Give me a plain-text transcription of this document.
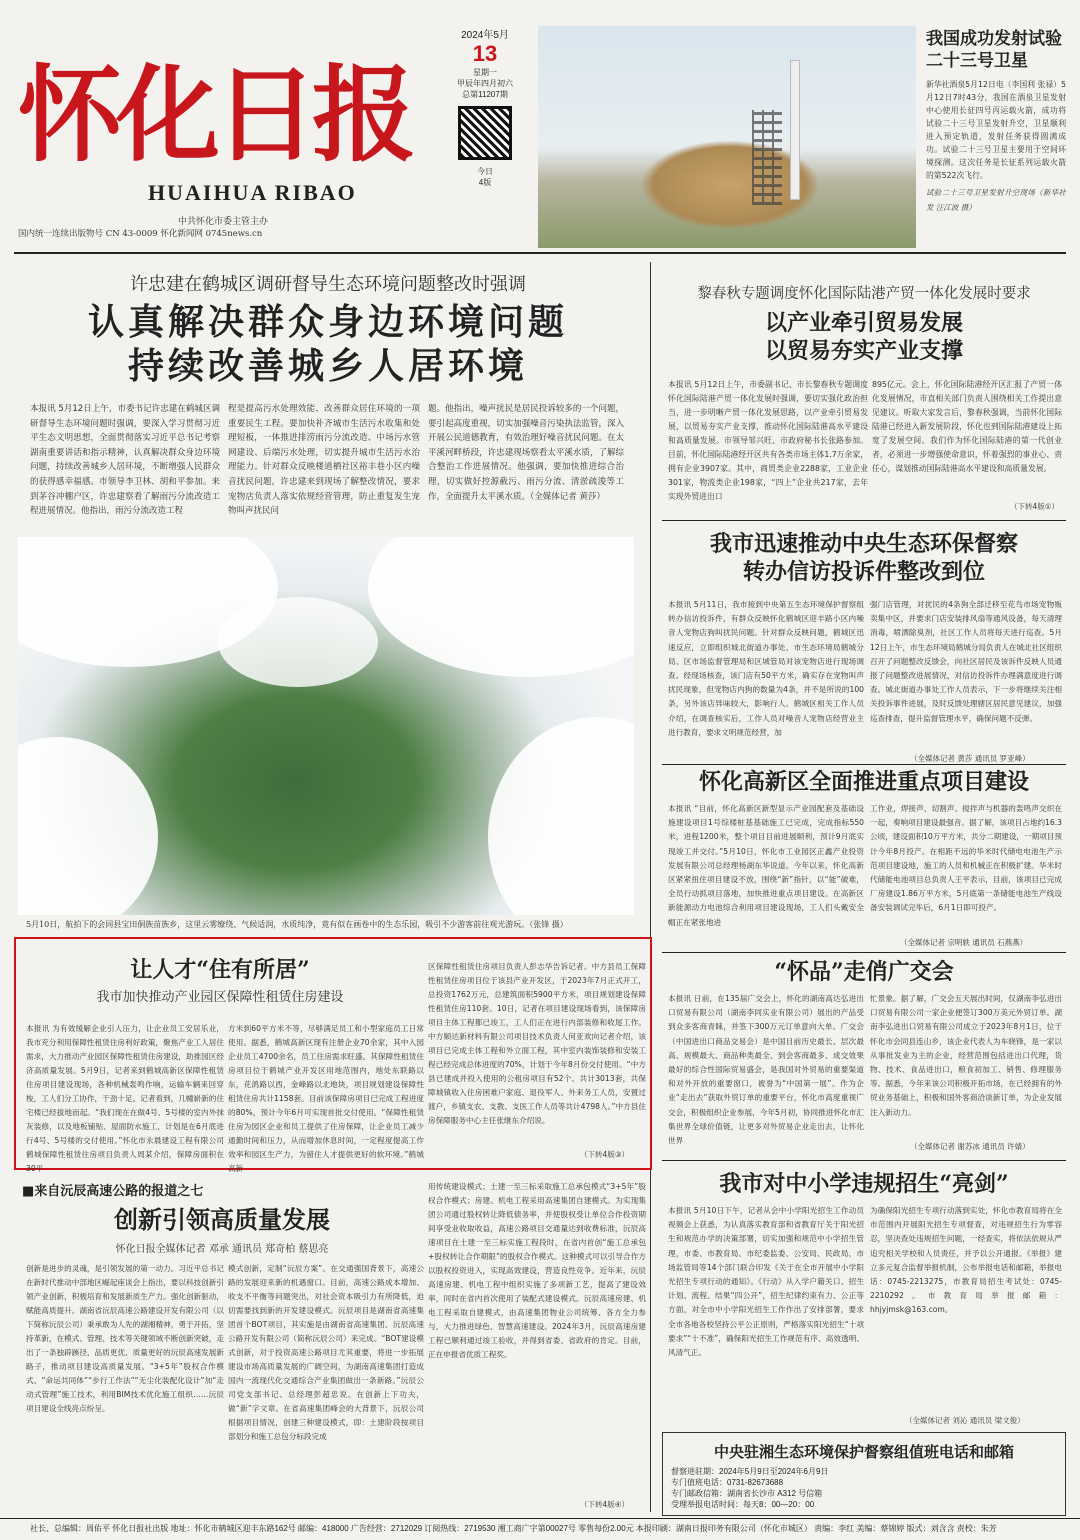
怀化日报
HUAIHUA RIBAO
中共怀化市委主管主办
国内统一连续出版物号 CN 43-0009 怀化新闻网 0745news.cn
2024年5月
13
星期一
甲辰年四月初六
总第11207期
今日
4版
我国成功发射试验二十三号卫星

新华社酒泉5月12日电（李国利 张禄）5月12日7时43分，我国在酒泉卫星发射中心使用长征四号丙运载火箭，成功将试验二十三号卫星发射升空，卫星顺利进入预定轨道，发射任务获得圆满成功。试验二十三号卫星主要用于空间环境探测。这次任务是长征系列运载火箭的第522次飞行。

试验二十三号卫星发射升空现场（新华社发 汪江波 摄）

许忠建在鹤城区调研督导生态环境问题整改时强调
认真解决群众身边环境问题
持续改善城乡人居环境
本报讯 5月12日上午，市委书记许忠建在鹤城区调研督导生态环境问题时强调，要深入学习贯彻习近平生态文明思想，全面贯彻落实习近平总书记考察湖南重要讲话和指示精神，认真解决群众身边环境问题，持续改善城乡人居环境，不断增强人民群众的获得感幸福感。市领导李卫林、胡和平参加。来到茅谷冲棚户区，许忠建察看了解雨污分流改造工程进展情况。他指出，雨污分流改造工程
程是提高污水处理效能、改善群众居住环境的一项重要民生工程。要加快补齐城市生活污水收集和处理短板，一体推进排涝雨污分流改造、中场污水管网建设、后端污水处理，切实提升城市生活污水治理能力。针对群众反映楼道栖社区裕丰巷小区内噪音扰民问题，许忠建来到现场了解整改情况，要求宠物店负责人落实依规经营管理，防止重复发生宠物叫声扰民问
题。他指出，噪声扰民是居民投诉较多的一个问题，要引起高度重视，切实加强噪音污染执法监管，深入开展公民道德教育，有效治理好噪音扰民问题。在太平溪河畔桥段，许忠建现场察看太平溪水质，了解综合整治工作进展情况。他强调，要加快推进综合治理，切实做好控源截污、雨污分流、清淤疏浚等工作，全面提升太平溪水质。（全媒体记者 黄莎）
黎春秋专题调度怀化国际陆港产贸一体化发展时要求
以产业牵引贸易发展
以贸易夯实产业支撑
本报讯 5月12日上午，市委副书记、市长黎春秋专题调度怀化国际陆港产贸一体化发展时强调，要切实强化政治担当，进一步明晰产贸一体化发展思路，以产业牵引贸易发展，以贸易夯实产业支撑，推动怀化国际陆港高水平建设和高质量发展。市领导邹兴旺、市政府秘书长张路参加。目前，怀化国际陆港经开区共有各类市场主体1.7万余家，拥有企业3907家。其中，商贸类企业2288家，工业企业301家，物流类企业198家，“四上”企业共217家，去年实现外贸进出口
895亿元。会上，怀化国际陆港经开区汇报了产贸一体化发展情况，市直相关部门负责人围绕相关工作提出意见建议。听取大家发言后，黎春秋强调，当前怀化国际陆港已经进入新发展阶段，怀化也到国际陆港建设上拓宽了发展空间。我们作为怀化国际陆港的第一代创业者，必须进一步增强使命意识，怀着强烈的事业心、责任心，谋划推动国际陆港高水平建设和高质量发展。
（下转4版①）
我市迅速推动中央生态环保督察
转办信访投诉件整改到位
本报讯 5月11日，我市接到中央第五生态环境保护督察组转办信访投诉件，有群众反映怀化鹤城区迎丰路小区内噪音人宠物店狗叫扰民问题。针对群众反映问题，鹤城区迅速反应，立即组织城北街道办事处、市生态环境局鹤城分局、区市场监督管理局和区城管局对该宠物店进行现场调查。经现场核查，该门店有50平方米，确实存在宠物叫声扰民现象，但宠物店内狗的数量为4条，并不是所说的100条，另外该店异味较大，影响行人。鹤城区相关工作人员介绍，在调查核实后，工作人员对噪音人宠物店经营业主进行教育，要求文明规范经营，加
强门店管理，对扰民的4条狗全部迁移至花鸟市场宠物贩卖集中区，并要求门店安装排风扇等通风设备，每天清理消毒，喷洒除臭剂，社区工作人员将每天进行巡查。5月12日上午，市生态环境局鹤城分局负责人在城北社区组织召开了问题整改反馈会，向社区居民及该诉件反映人员通报了问题整改进展情况，对信访投诉件办理满意度进行调查。城北街道办事处工作人员表示，下一步将继续关注相关投诉事件进展，及时反馈处理辖区居民意见建议，加强巡查排查，提升监督管理水平，确保问题不反弹。
（全媒体记者 黄莎 通讯员 罗亚峰）
怀化高新区全面推进重点项目建设
本报讯 “目前，怀化高新区新型显示产业园配套及基础设施建设项目1号综楼桩基基础施工已完成，完成指标550米，进程1200米，整个项目目前进展顺利，预计9月底实现竣工并交付。”5月10日，怀化市工业园区正鑫产业投资发展有限公司总经理杨湖东华说道。今年以来，怀化高新区紧紧扭住项目建设不放，围绕“新”指针，以“能”破难，全员行动抓项目落地，加快推进重点项目建设。在高新区新能源动力电池综合利用项目建设现场，工人们头戴安全帽正在紧张地进
工作业，焊接声、切割声、搅拌声与机器的轰鸣声交织在一起，奏响项目建设最强音。据了解，该项目占地约16.3公顷，建设面积10万平方米，共分二期建设，一期项目预计今年8月投产。在相距不远的华米时代储电电池生产示范项目建设地，施工的人员和机械正在积极扩建。华米时代储能电池项目总负责人王平表示，目前，该项目已完成厂房建设1.86万平方米，5月底第一条储能电池生产线设备安装调试完毕后，6月1日即可投产。
（全媒体记者 宗明轶 通讯员 石燕燕）
5月10日，航拍下的会同县宝田侗族苗族乡，这里云雾缭绕、气候适润，水质纯净，竟有似在画卷中的生态乐园，吸引不少游客前往观光游玩。（张锋 摄）
让人才“住有所居”
我市加快推动产业园区保障性租赁住房建设
本报讯 为有效缓解企业引人压力，让企业员工安居乐业，我市充分利用保障性租赁住房利好政策，聚焦产业工人居住需求，大力推动产业园区保障性租赁住房建设，助推园区经济高质量发展。5月9日，记者来到鹤城高新区保障性租赁住房项目建设现场，各种机械轰鸣作响，运输车辆来回穿梭，工人们分工协作，干劲十足。记者看到，几幢崭新的住宅楼已经拔地而起。“我们现在在做4号、5号楼的室内外抹灰装修，以及地板铺贴、屋面防水施工，计划是在6月底进行4号、5号楼的交付使用。”怀化市永晨建设工程有限公司鹤城保障性租赁住房项目负责人周某介绍，保障房面积在30平
方米到60平方米不等，尽够满足员工和小型家庭员工日常使用。据悉，鹤城高新区现有注册企业70余家，其中入园企业员工4700余名，员工住房需求旺盛。其保障性租赁住房项目位于鹤城产业开发区用地范围内，地处东联路以东，花鸽路以西，金峰路以北地块，项目规划建设保障性租赁住房共计1158套。目前该保障房项目已完成工程进度的80%，预计今年6月可实现首批交付使用。“保障性租赁住房为园区企业和员工提供了住房保障，让企业员工减少通勤时间和压力，从而增加休息时间，一定程度提高工作效率和园区生产力，为留住人才提供更好的软环境。”鹤城高新
区保障性租赁住房项目负责人彭志华告诉记者。中方县员工保障性租赁住房项目位于该县产业开发区，于2023年7月正式开工，总投资1762万元，总建筑面积5900平方米，项目规划建设保障性租赁住房110套。10日，记者在项目建设现场看到，该保障房项目主体工程都已竣工，工人们正在进行内部装修和收尾工作。中方顺达新材料有限公司项目技术负责人何亚欢向记者介绍，该项目已完成主体工程和外立面工程，其中室内装饰装修和安装工程已经完成总体进度的70%，计划于今年8月份交付使用。“中方县已建成并投入使用的公租房项目有52个、共计3013套，共保障城镇收入住房困难户家庭、退役军人、外来务工人员，安置过渡户，乡镇支农、支教、支医工作人员等共计4798人。”中方县住房保障服务中心主任张继东介绍说。
（下转4版③）
“怀品”走俏广交会
本报讯 日前，在135届广交会上，怀化的湖南高达弘进出口贸易有限公司（湖南李同实业有限公司）展出的产品受到众多客商青睐，并签下300万元订单意向大单。广交会（中国进出口商品交易会）是中国目前历史最长、层次最高、规模最大、商品种类最全、到会客商最多、成交效果最好的综合性国际贸易盛会，是我国对外贸易的重要渠道和对外开放的重要窗口，被誉为“中国第一展”。作为企业“走出去”获取外贸订单的重要平台，怀化市高度重视广交会，积极组织企业参展，今年5月初，协同推进怀化市汇集世界全球价值链，让更多对外贸易企业走出去，让怀化世界
忙景象。据了解，广交会五天展出时间，仅湖南李弘进出口贸易有限公司一家企业便签订300万美元外贸订单。湖南李弘进出口贸易有限公司成立于2023年8月1日，位于怀化市会同县连山乡，该企业代表人为车晓锋，是一家以从事批发业为主的企业，经营范围包括进出口代理，货物、技术、食品进出口，粮食初加工、销售、修理服务等。据悉，今年来该公司积极开拓市场，在已经拥有的外贸业务基础上，积极和国外客商洽谈新订单，为企业发展注入新动力。
（全媒体记者 谢苏冰 通讯员 许婧）
我市对中小学违规招生“亮剑”
本报讯 5月10日下午，记者从会中小学阳光招生工作动员视频会上获悉，为认真落实教育部和省教育厅关于阳光招生和规范办学的决策部署，切实加强和规范中小学招生管理，市委、市教育局、市纪委监委、公安局、民政局、市场监管局等14个部门联合印发《关于在全市开展中小学阳光招生专项行动的通知》。《行动》从入学户籍关口、招生计划、流程、结果“四公开”，招生纪律约束有力、公正等方面，对全市中小学阳光招生工作作出了安排部署，要求全市各地各校坚持公平公正原则，严格落实阳光招生“十项要求”“十不准”，确保阳光招生工作规范有序、高效透明、风清气正。
为确保阳光招生专项行动落到实处，怀化市教育局将在全市范围内开展阳光招生专项督查，对违规招生行为零容忍，坚决查处违规招生问题，一经查实，将依法依规从严追究相关学校和人员责任，并予以公开通报。《举报》建立多元复合监督举报机制，公布举报电话和邮箱，举报电话：0745-2213275，市教育局招生考试处：0745-2210292。市教育局举报邮箱：hhjyjmsk@163.com。
（全媒体记者 刘沁 通讯员 梁文俊）
中央驻湘生态环境保护督察组值班电话和邮箱

督察进驻期：2024年5月9日至2024年6月9日

专门值班电话：0731-82673688

专门邮政信箱：湖南省长沙市 A312 号信箱

受理举报电话时间：每天8：00—20：00

■来自沅辰高速公路的报道之七
创新引领高质量发展
怀化日报全媒体记者 邓承 通讯员 郑奇柏 蔡思亮
创新是进步的灵魂，是引领发展的第一动力。习近平总书记在新时代推动中部地区崛起座谈会上指出，要以科技创新引领产业创新，积极培育和发展新质生产力。强化创新驱动，赋能高质提升。湖南省沅辰高速公路建设开发有限公司（以下简称沅辰公司）秉承敢为人先的湖湘精神，勇于开拓，坚持革新，在模式、管理、技术等关键领域不断创新突破，走出了一条独辟蹊径、品质更优、质量更好的沅辰高速发展新路子，推动项目建设高质量发展。“3+5年”股权合作模式、“命运共同体”“步行工作法”“无尘化装配化设计”加“走动式管理”施工技术，利用BIM技术优化施工组织……沅辰项目建设全线亮点纷呈。
模式创新，定制“沅辰方案”。在交通强国背景下，高速公路的发展迎来新的机遇窗口。目前，高速公路成本增加、收支不平衡等问题突出，对社会资本吸引力有所降低，迫切需要找到新的开发建设模式。沅辰项目是湖南省高速集团首个BOT项目，其实施是由湖南省高速集团、沅辰高速公路开发有限公司（简称沅辰公司）来完成。“BOT建设模式创新，对于投资高速公路项目尤其重要，将进一步拓展建设市场高质量发展的广阔空间，为湖南高速集团打造成国内一流现代化交通综合产业集团做出一条新路。”沅辰公司党支部书记、总经理彭超忠说。在创新上下功夫，做“新”字文章。在省高速集团峰会的大背景下，沅辰公司根据项目情况，创建三种建设模式，即：土建阶段按项目部划分和施工总包分标段完成
用传统建设模式；土建一至三标采取施工总承包模式“3+5年”股权合作模式；房建、机电工程采用高速集团自建模式。为实现集团公司通过股权转让降低债务率，并使股权受让单位合作投资期间享受业收取收益，高速公路项目交通量达到收费标准，沅辰高速项目在土建一至三标实施工程段时，在省内首创“施工总承包+股权转让合作期限”的股权合作模式。这种模式可以引导合作方以股权投资进入，实现高效建设，营造良性竞争。近年来，沅辰高速房建、机电工程中组织实施了多项新工艺，提高了建设效率，同时在省内首次使用了装配式建设模式。沅辰高速房建、机电工程采取自建模式，由高速集团物业公司统筹、各方全力参与，大力推进绿色、智慧高速建设。2024年3月，沅辰高速房建工程已顺利通过竣工验收，并得到省委、省政府的肯定。目前，正在申报省优质工程奖。
（下转4版④）
社长、总编辑：周佑平 怀化日报社出版 地址：怀化市鹤城区迎丰东路162号 邮编：418000 广告经营：2712029 订阅热线：2719530 湘工商广字第00027号 零售每份2.00元 本报印刷：湖南日报印务有限公司（怀化市城区） 责编：李红 美编：蔡锦婷 版式：刘含含 责校：朱芳
